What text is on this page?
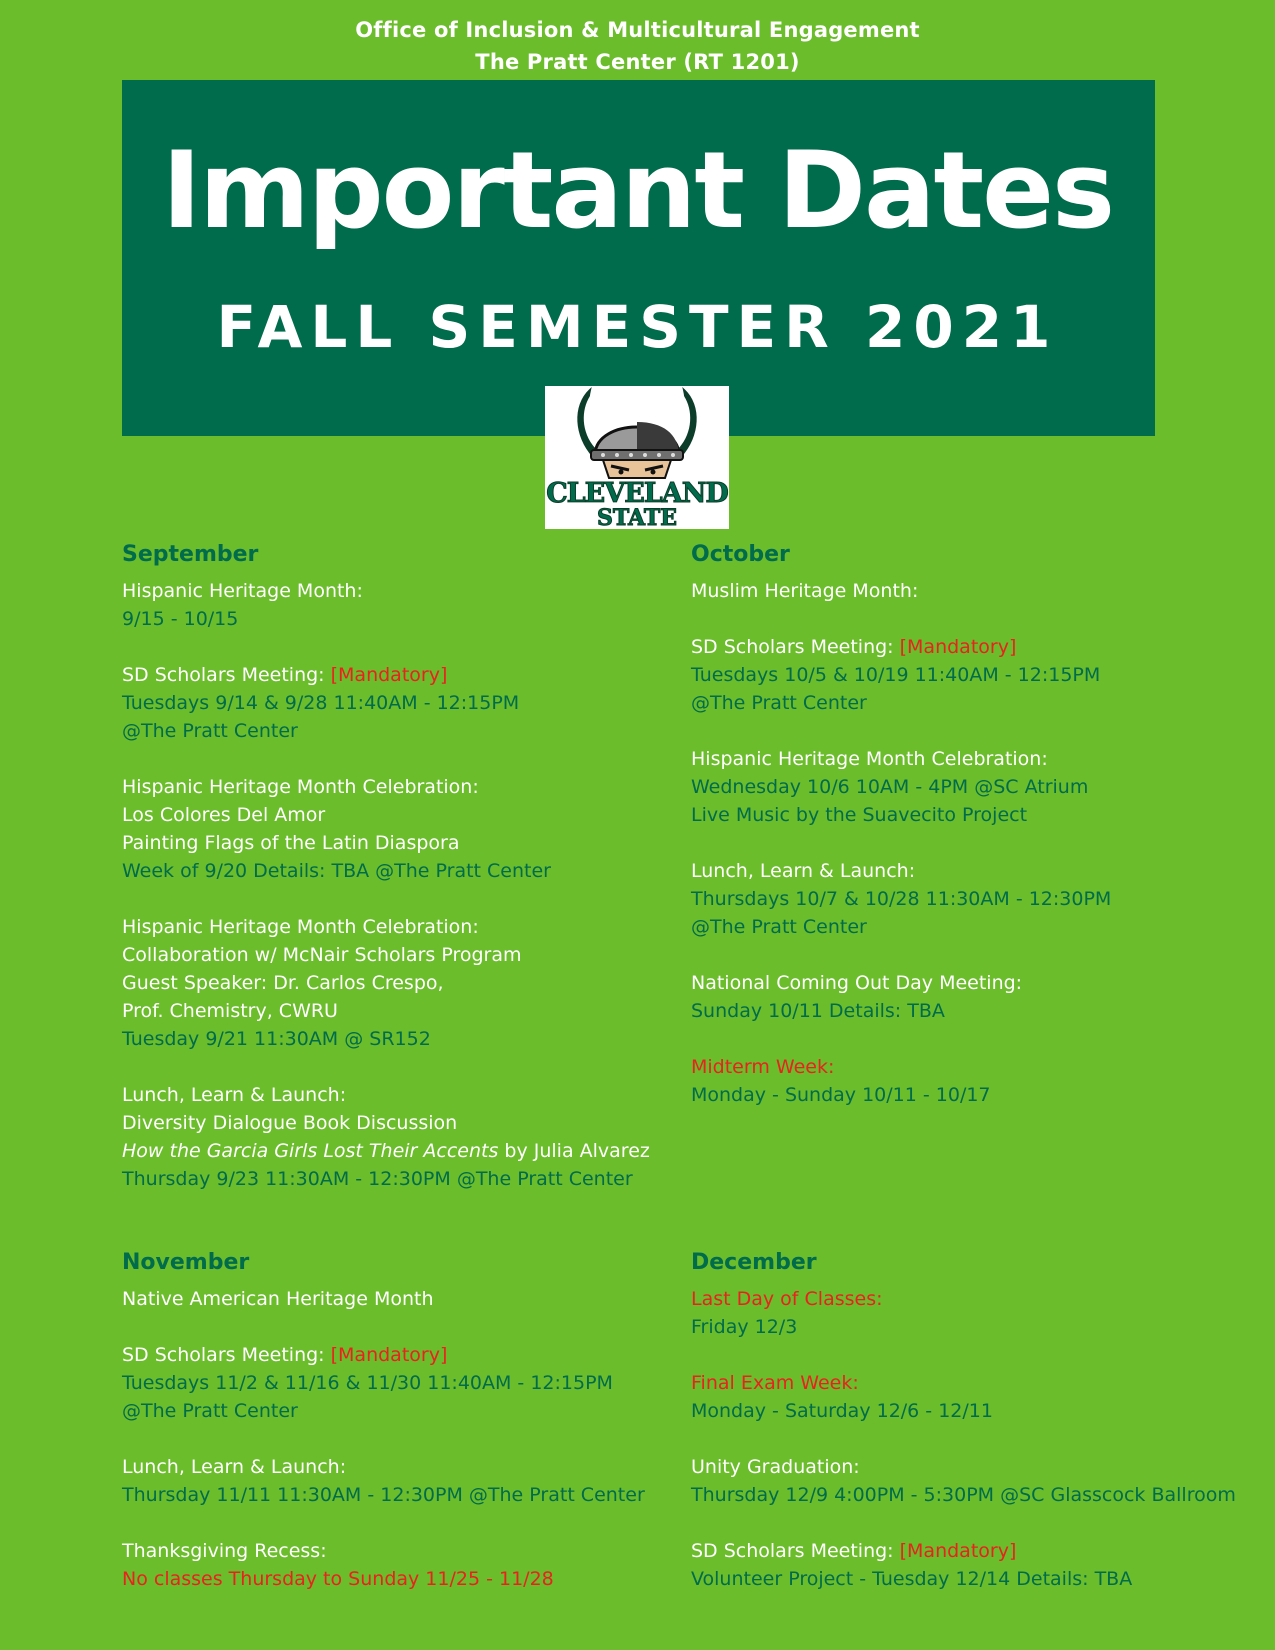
Office of Inclusion & Multicultural Engagement
The Pratt Center (RT 1201)
Important Dates
FALL SEMESTER 2021
CLEVELAND
STATE
September
Hispanic Heritage Month:
9/15 - 10/15
SD Scholars Meeting: [Mandatory]
Tuesdays 9/14 & 9/28 11:40AM - 12:15PM
@The Pratt Center
Hispanic Heritage Month Celebration:
Los Colores Del Amor
Painting Flags of the Latin Diaspora
Week of 9/20 Details: TBA @The Pratt Center
Hispanic Heritage Month Celebration:
Collaboration w/ McNair Scholars Program
Guest Speaker: Dr. Carlos Crespo,
Prof. Chemistry, CWRU
Tuesday 9/21 11:30AM @ SR152
Lunch, Learn & Launch:
Diversity Dialogue Book Discussion
How the Garcia Girls Lost Their Accents by Julia Alvarez
Thursday 9/23 11:30AM - 12:30PM @The Pratt Center
October
Muslim Heritage Month:
SD Scholars Meeting: [Mandatory]
Tuesdays 10/5 & 10/19 11:40AM - 12:15PM
@The Pratt Center
Hispanic Heritage Month Celebration:
Wednesday 10/6 10AM - 4PM @SC Atrium
Live Music by the Suavecito Project
Lunch, Learn & Launch:
Thursdays 10/7 & 10/28 11:30AM - 12:30PM
@The Pratt Center
National Coming Out Day Meeting:
Sunday 10/11 Details: TBA
Midterm Week:
Monday - Sunday 10/11 - 10/17
November
Native American Heritage Month
SD Scholars Meeting: [Mandatory]
Tuesdays 11/2 & 11/16 & 11/30 11:40AM - 12:15PM
@The Pratt Center
Lunch, Learn & Launch:
Thursday 11/11 11:30AM - 12:30PM @The Pratt Center
Thanksgiving Recess:
No classes Thursday to Sunday 11/25 - 11/28
December
Last Day of Classes:
Friday 12/3
Final Exam Week:
Monday - Saturday 12/6 - 12/11
Unity Graduation:
Thursday 12/9 4:00PM - 5:30PM @SC Glasscock Ballroom
SD Scholars Meeting: [Mandatory]
Volunteer Project - Tuesday 12/14 Details: TBA
